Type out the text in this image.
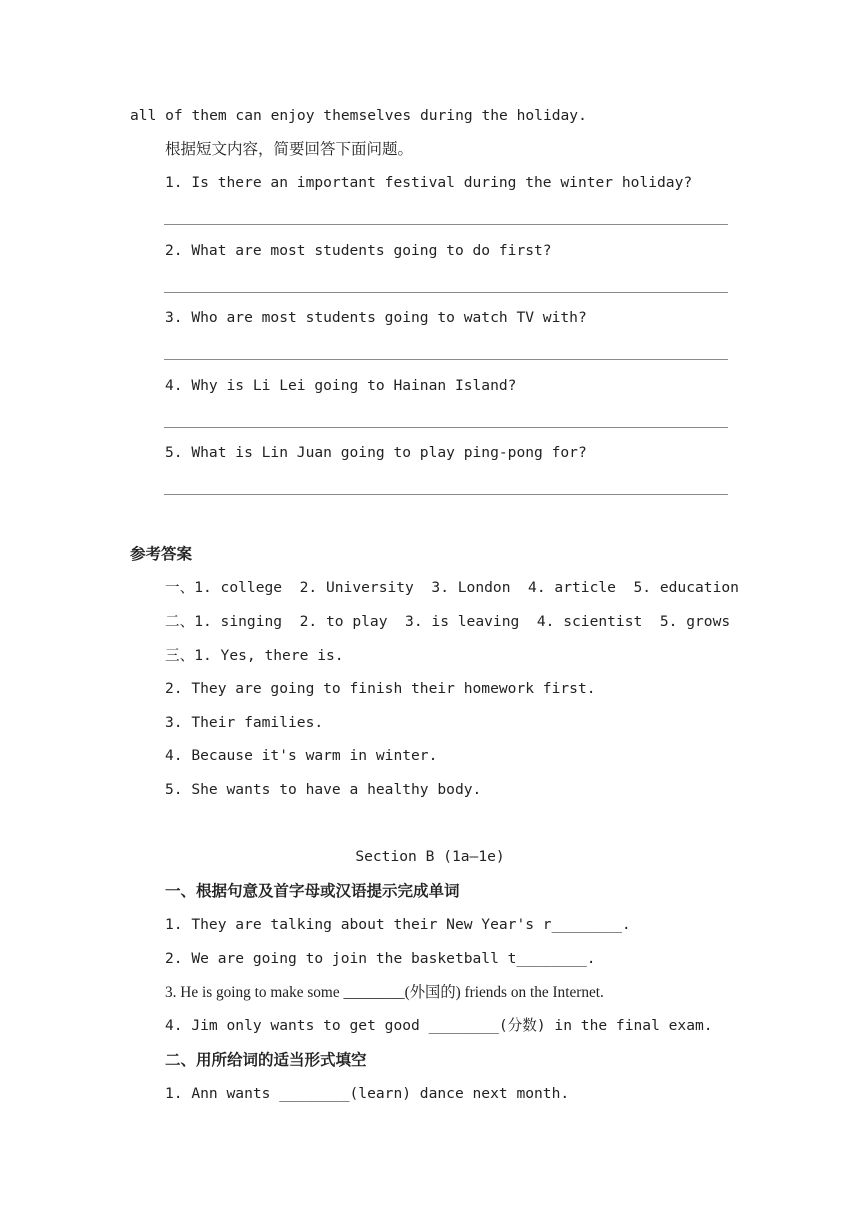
all of them can enjoy themselves during the holiday.
根据短文内容，简要回答下面问题。
1. Is there an important festival during the winter holiday?
2. What are most students going to do first?
3. Who are most students going to watch TV with?
4. Why is Li Lei going to Hainan Island?
5. What is Lin Juan going to play ping-pong for?
参考答案
一、1. college  2. University  3. London  4. article  5. education
二、1. singing  2. to play  3. is leaving  4. scientist  5. grows
三、1. Yes, there is.
2. They are going to finish their homework first.
3. Their families.
4. Because it's warm in winter.
5. She wants to have a healthy body.
Section B (1a—1e)
一、根据句意及首字母或汉语提示完成单词
1. They are talking about their New Year's r________.
2. We are going to join the basketball t________.
3. He is going to make some ________(外国的) friends on the Internet.
4. Jim only wants to get good ________(分数) in the final exam.
二、用所给词的适当形式填空
1. Ann wants ________(learn) dance next month.
